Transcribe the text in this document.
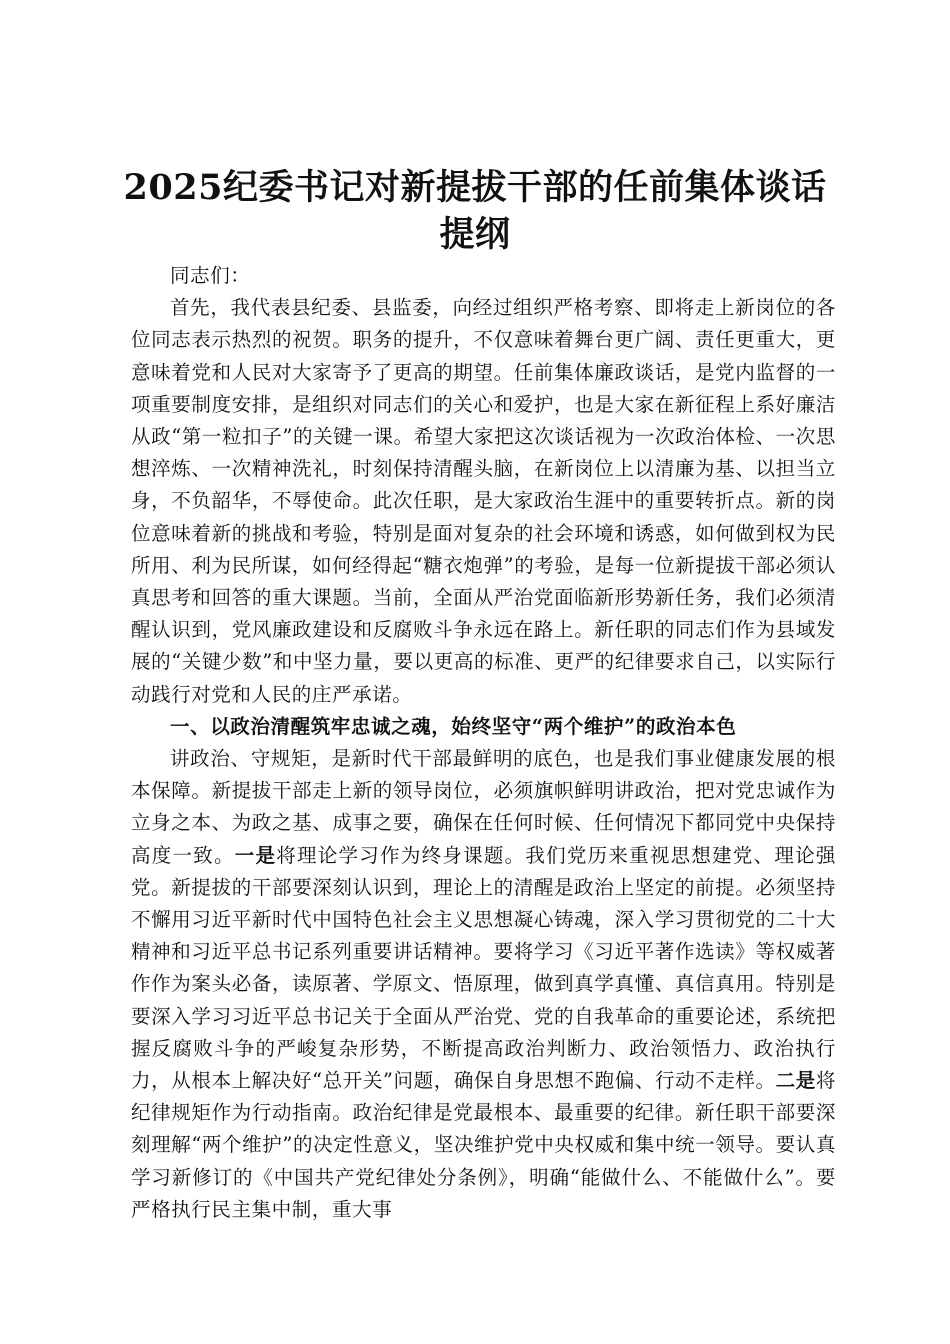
2025纪委书记对新提拔干部的任前集体谈话提纲

同志们：

首先，我代表县纪委、县监委，向经过组织严格考察、即将走上新岗位的各位同志表示热烈的祝贺。职务的提升，不仅意味着舞台更广阔、责任更重大，更意味着党和人民对大家寄予了更高的期望。任前集体廉政谈话，是党内监督的一项重要制度安排，是组织对同志们的关心和爱护，也是大家在新征程上系好廉洁从政“第一粒扣子”的关键一课。希望大家把这次谈话视为一次政治体检、一次思想淬炼、一次精神洗礼，时刻保持清醒头脑，在新岗位上以清廉为基、以担当立身，不负韶华，不辱使命。此次任职，是大家政治生涯中的重要转折点。新的岗位意味着新的挑战和考验，特别是面对复杂的社会环境和诱惑，如何做到权为民所用、利为民所谋，如何经得起“糖衣炮弹”的考验，是每一位新提拔干部必须认真思考和回答的重大课题。当前，全面从严治党面临新形势新任务，我们必须清醒认识到，党风廉政建设和反腐败斗争永远在路上。新任职的同志们作为县域发展的“关键少数”和中坚力量，要以更高的标准、更严的纪律要求自己，以实际行动践行对党和人民的庄严承诺。

一、以政治清醒筑牢忠诚之魂，始终坚守“两个维护”的政治本色

讲政治、守规矩，是新时代干部最鲜明的底色，也是我们事业健康发展的根本保障。新提拔干部走上新的领导岗位，必须旗帜鲜明讲政治，把对党忠诚作为立身之本、为政之基、成事之要，确保在任何时候、任何情况下都同党中央保持高度一致。一是将理论学习作为终身课题。我们党历来重视思想建党、理论强党。新提拔的干部要深刻认识到，理论上的清醒是政治上坚定的前提。必须坚持不懈用习近平新时代中国特色社会主义思想凝心铸魂，深入学习贯彻党的二十大精神和习近平总书记系列重要讲话精神。要将学习《习近平著作选读》等权威著作作为案头必备，读原著、学原文、悟原理，做到真学真懂、真信真用。特别是要深入学习习近平总书记关于全面从严治党、党的自我革命的重要论述，系统把握反腐败斗争的严峻复杂形势，不断提高政治判断力、政治领悟力、政治执行力，从根本上解决好“总开关”问题，确保自身思想不跑偏、行动不走样。二是将纪律规矩作为行动指南。政治纪律是党最根本、最重要的纪律。新任职干部要深刻理解“两个维护”的决定性意义，坚决维护党中央权威和集中统一领导。要认真学习新修订的《中国共产党纪律处分条例》，明确“能做什么、不能做什么”。要严格执行民主集中制，重大事
